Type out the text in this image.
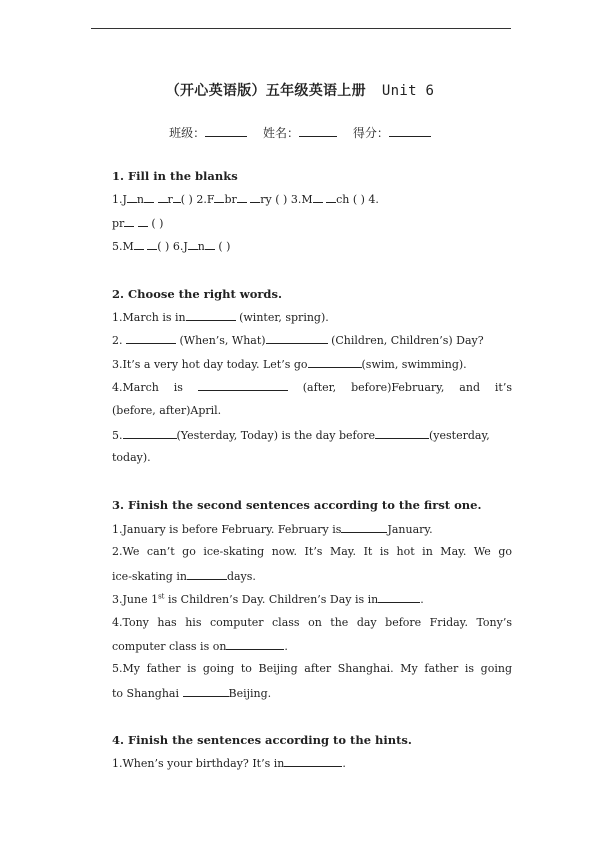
（开心英语版）五年级英语上册 Unit 6
班级：	姓名：	得分：
1. Fill in the blanks
1.J n r ( ) 2.F br ry ( ) 3.M ch ( ) 4.
pr ( )
5.M ( ) 6.J n ( )
2. Choose the right words.
1.March is in	(winter, spring).
2.	(When’s, What)	(Children, Children’s) Day?
3.It’s a very hot day today. Let’s go	(swim, swimming).
4.March is	(after, before)February, and it’s
(before, after)April.
5.	(Yesterday, Today) is the day before	(yesterday,
today).
3. Finish the second sentences according to the first one.
1.January is before February. February is	January.
2.We can’t go ice-skating now. It’s May. It is hot in May. We go
ice-skating in	days.
3.June 1st is Children’s Day. Children’s Day is in	.
4.Tony has his computer class on the day before Friday. Tony’s
computer class is on	.
5.My father is going to Beijing after Shanghai. My father is going
to Shanghai	Beijing.
4. Finish the sentences according to the hints.
1.When’s your birthday? It’s in	.
